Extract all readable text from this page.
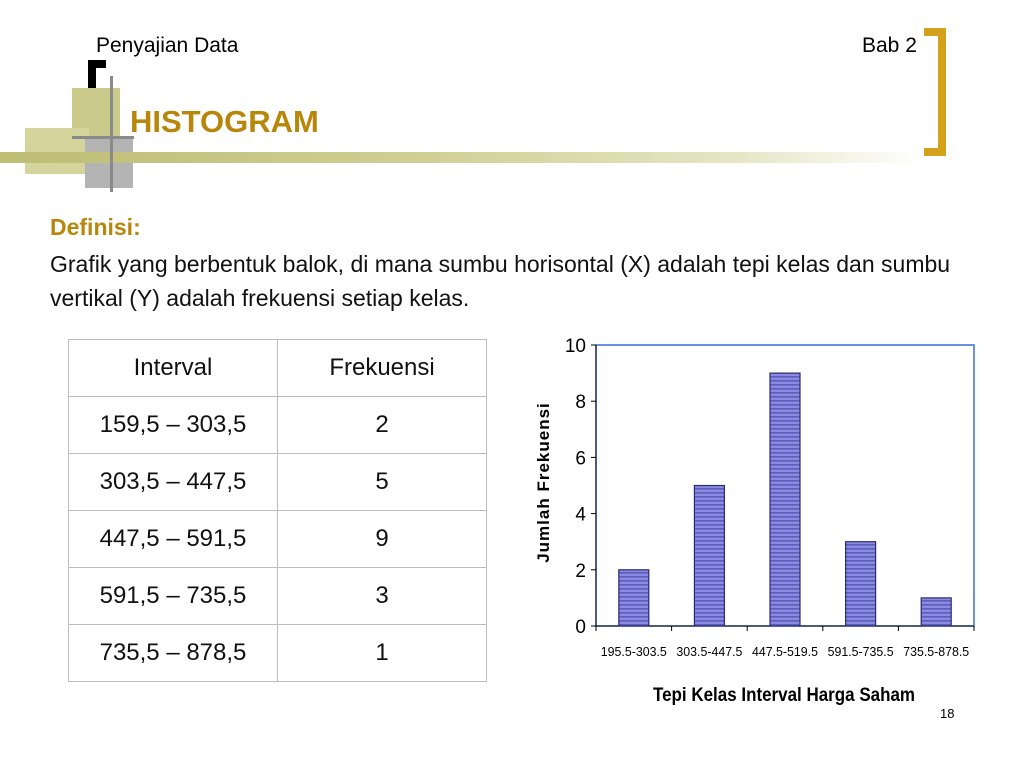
Penyajian Data	Bab 2
HISTOGRAM
Definisi:
Grafik yang berbentuk balok, di mana sumbu horisontal (X) adalah tepi kelas dan sumbu vertikal (Y) adalah frekuensi setiap kelas.
Interval	Frekuensi
159,5 – 303,5	2
303,5 – 447,5	5
447,5 – 591,5	9
591,5 – 735,5	3
735,5 – 878,5	1
0
2
4
6
8
10
195.5-303.5 303.5-447.5 447.5-519.5 591.5-735.5 735.5-878.5
Jumlah Frekuensi
Tepi Kelas Interval Harga Saham
18
